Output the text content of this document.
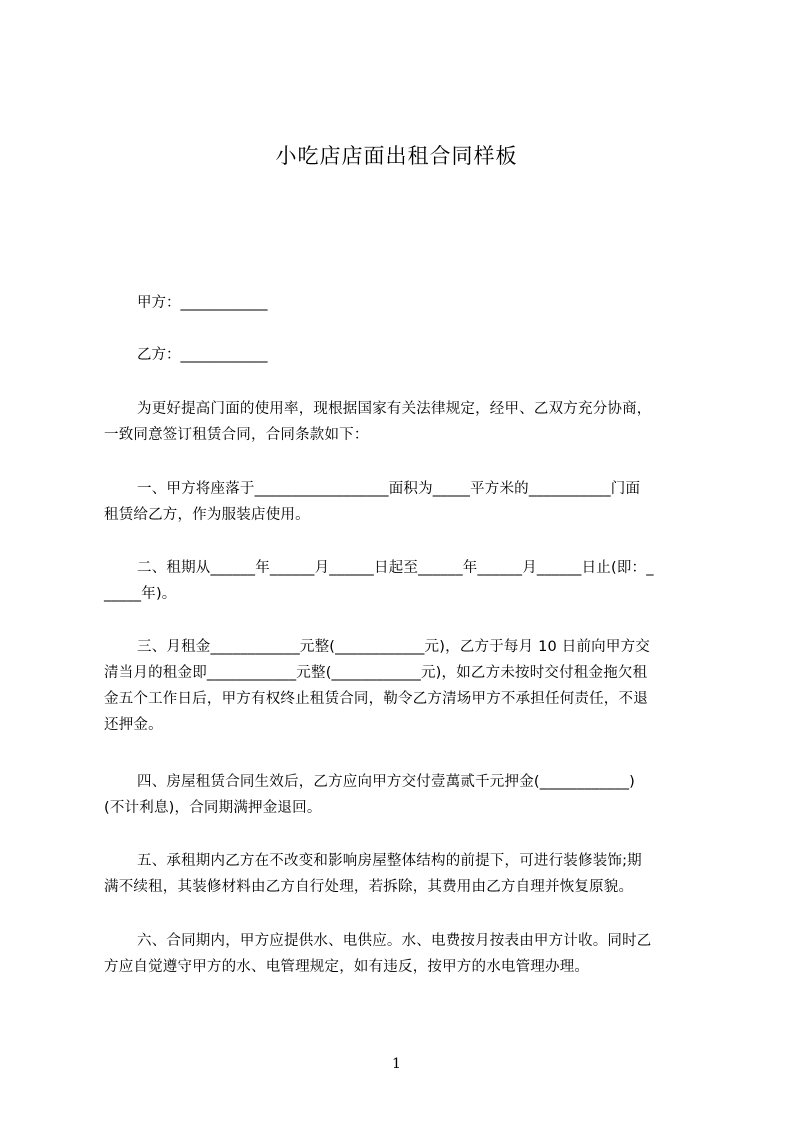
小吃店店面出租合同样板
甲方：____________
乙方：____________
为更好提高门面的使用率，现根据国家有关法律规定，经甲、乙双方充分协商，
一致同意签订租赁合同，合同条款如下：
一、甲方将座落于__________________面积为_____平方米的___________门面
租赁给乙方，作为服装店使用。
二、租期从______年______月______日起至______年______月______日止(即：_
_____年)。
三、月租金____________元整(____________元)，乙方于每月 10 日前向甲方交
清当月的租金即____________元整(____________元)，如乙方未按时交付租金拖欠租
金五个工作日后，甲方有权终止租赁合同，勒令乙方清场甲方不承担任何责任，不退
还押金。
四、房屋租赁合同生效后，乙方应向甲方交付壹萬贰千元押金(____________)
(不计利息)，合同期满押金退回。
五、承租期内乙方在不改变和影响房屋整体结构的前提下，可进行装修装饰;期
满不续租，其装修材料由乙方自行处理，若拆除，其费用由乙方自理并恢复原貌。
六、合同期内，甲方应提供水、电供应。水、电费按月按表由甲方计收。同时乙
方应自觉遵守甲方的水、电管理规定，如有违反，按甲方的水电管理办理。
1
